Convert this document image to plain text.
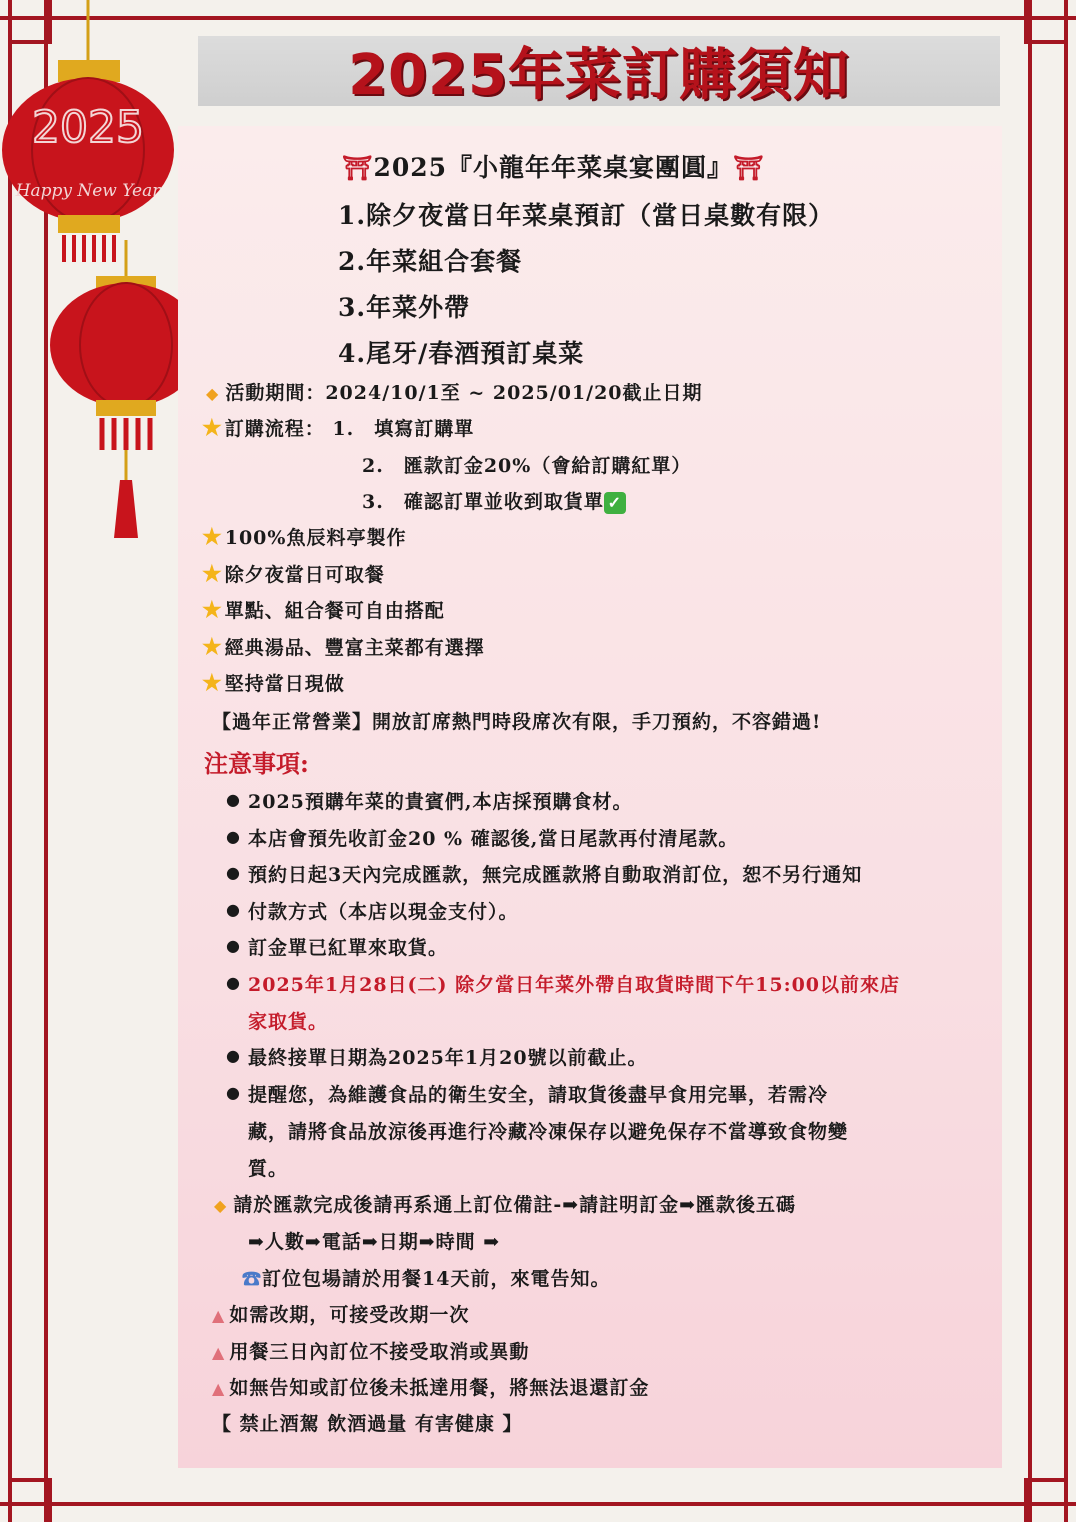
2025
Happy New Year
2025年菜訂購須知
⛩2025『小龍年年菜桌宴團圓』⛩
1.除夕夜當日年菜桌預訂（當日桌數有限）
2.年菜組合套餐
3.年菜外帶
4.尾牙/春酒預訂桌菜
◆ 活動期間：2024/10/1至 ~ 2025/01/20截止日期
★ 訂購流程： 1.　填寫訂購單
2.　匯款訂金20%（會給訂購紅單）
3.　確認訂單並收到取貨單 ✓
★ 100%魚辰料亭製作
★ 除夕夜當日可取餐
★ 單點、組合餐可自由搭配
★ 經典湯品、豐富主菜都有選擇
★ 堅持當日現做
【過年正常營業】開放訂席熱門時段席次有限，手刀預約，不容錯過!
注意事項:
● 2025預購年菜的貴賓們,本店採預購食材。
● 本店會預先收訂金20 % 確認後,當日尾款再付清尾款。
● 預約日起3天內完成匯款，無完成匯款將自動取消訂位，恕不另行通知
● 付款方式（本店以現金支付）。
● 訂金單已紅單來取貨。
● 2025年1月28日(二) 除夕當日年菜外帶自取貨時間下午15:00以前來店
家取貨。
● 最終接單日期為2025年1月20號以前截止。
● 提醒您，為維護食品的衛生安全，請取貨後盡早食用完畢，若需冷
藏，請將食品放涼後再進行冷藏冷凍保存以避免保存不當導致食物變
質。
◆ 請於匯款完成後請再系通上訂位備註-➡請註明訂金➡匯款後五碼
➡人數➡電話➡日期➡時間 ➡
☎訂位包場請於用餐14天前，來電告知。
▲ 如需改期，可接受改期一次
▲ 用餐三日內訂位不接受取消或異動
▲ 如無告知或訂位後未抵達用餐，將無法退還訂金
【 禁止酒駕 飲酒過量 有害健康 】
